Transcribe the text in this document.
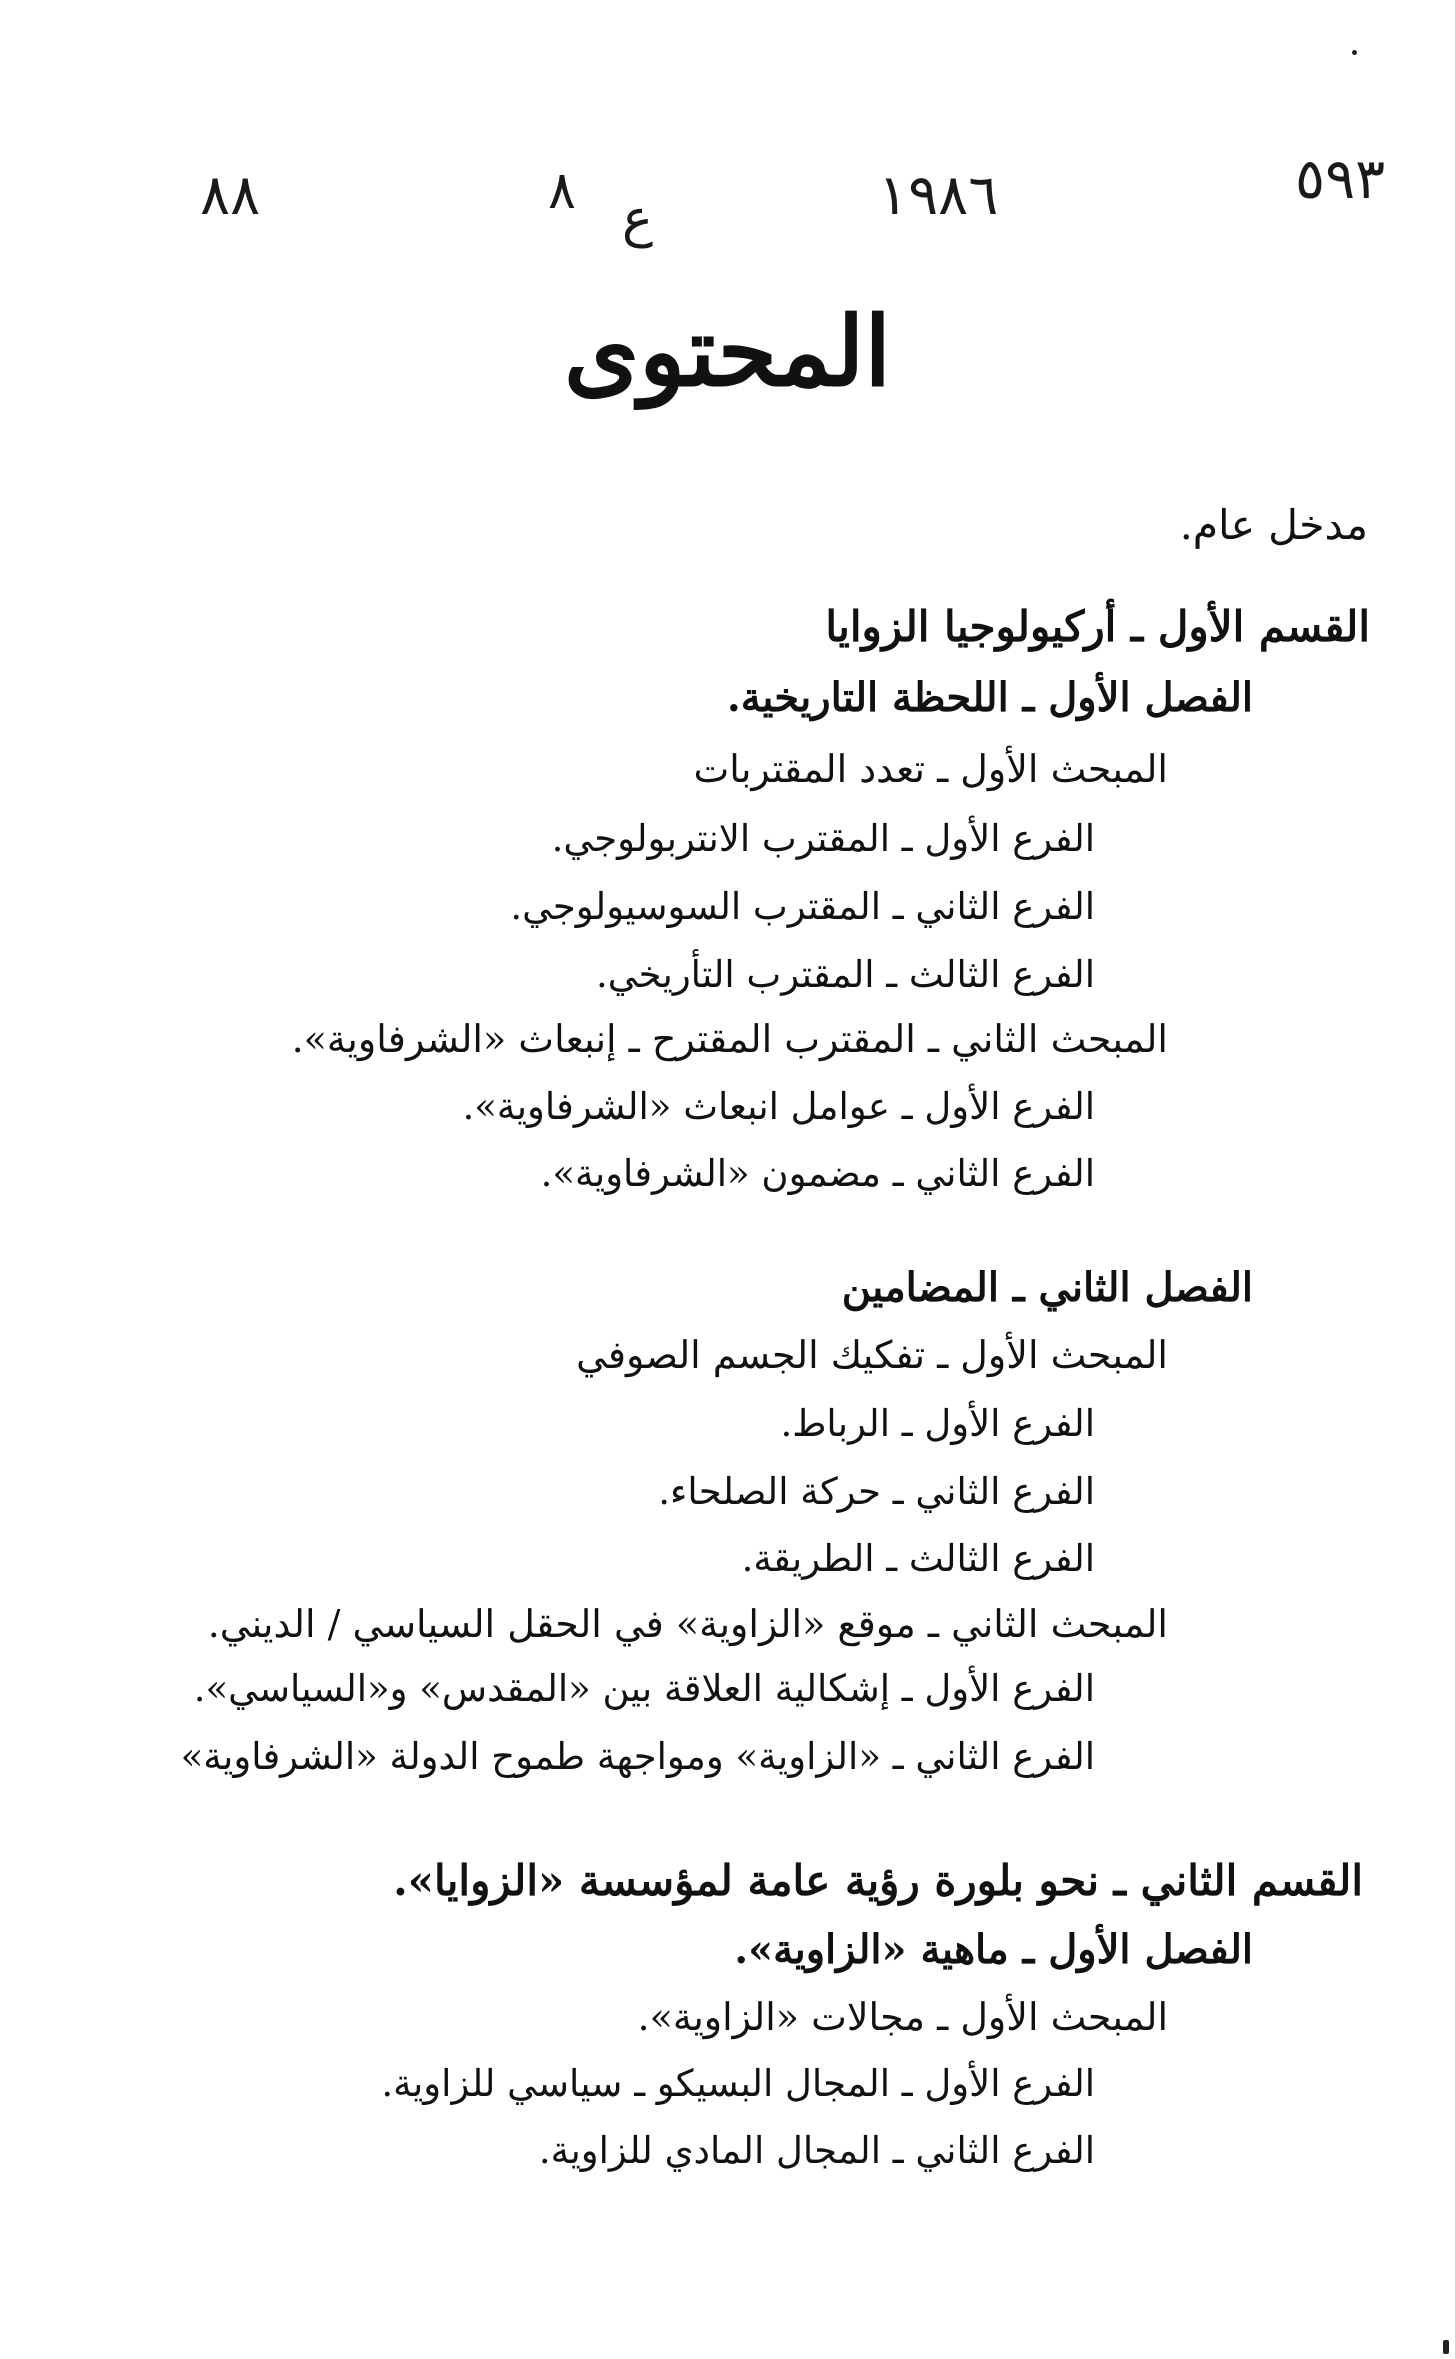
٨٨	٨ ع	١٩٨٦	٥٩٣
المحتوى
مدخل عام.
القسم الأول ـ أركيولوجيا الزوايا
الفصل الأول ـ اللحظة التاريخية.
المبحث الأول ـ تعدد المقتربات
الفرع الأول ـ المقترب الانتربولوجي.
الفرع الثاني ـ المقترب السوسيولوجي.
الفرع الثالث ـ المقترب التأريخي.
المبحث الثاني ـ المقترب المقترح ـ إنبعاث «الشرفاوية».
الفرع الأول ـ عوامل انبعاث «الشرفاوية».
الفرع الثاني ـ مضمون «الشرفاوية».
الفصل الثاني ـ المضامين
المبحث الأول ـ تفكيك الجسم الصوفي
الفرع الأول ـ الرباط.
الفرع الثاني ـ حركة الصلحاء.
الفرع الثالث ـ الطريقة.
المبحث الثاني ـ موقع «الزاوية» في الحقل السياسي / الديني.
الفرع الأول ـ إشكالية العلاقة بين «المقدس» و«السياسي».
الفرع الثاني ـ «الزاوية» ومواجهة طموح الدولة «الشرفاوية»
القسم الثاني ـ نحو بلورة رؤية عامة لمؤسسة «الزوايا».
الفصل الأول ـ ماهية «الزاوية».
المبحث الأول ـ مجالات «الزاوية».
الفرع الأول ـ المجال البسيكو ـ سياسي للزاوية.
الفرع الثاني ـ المجال المادي للزاوية.
